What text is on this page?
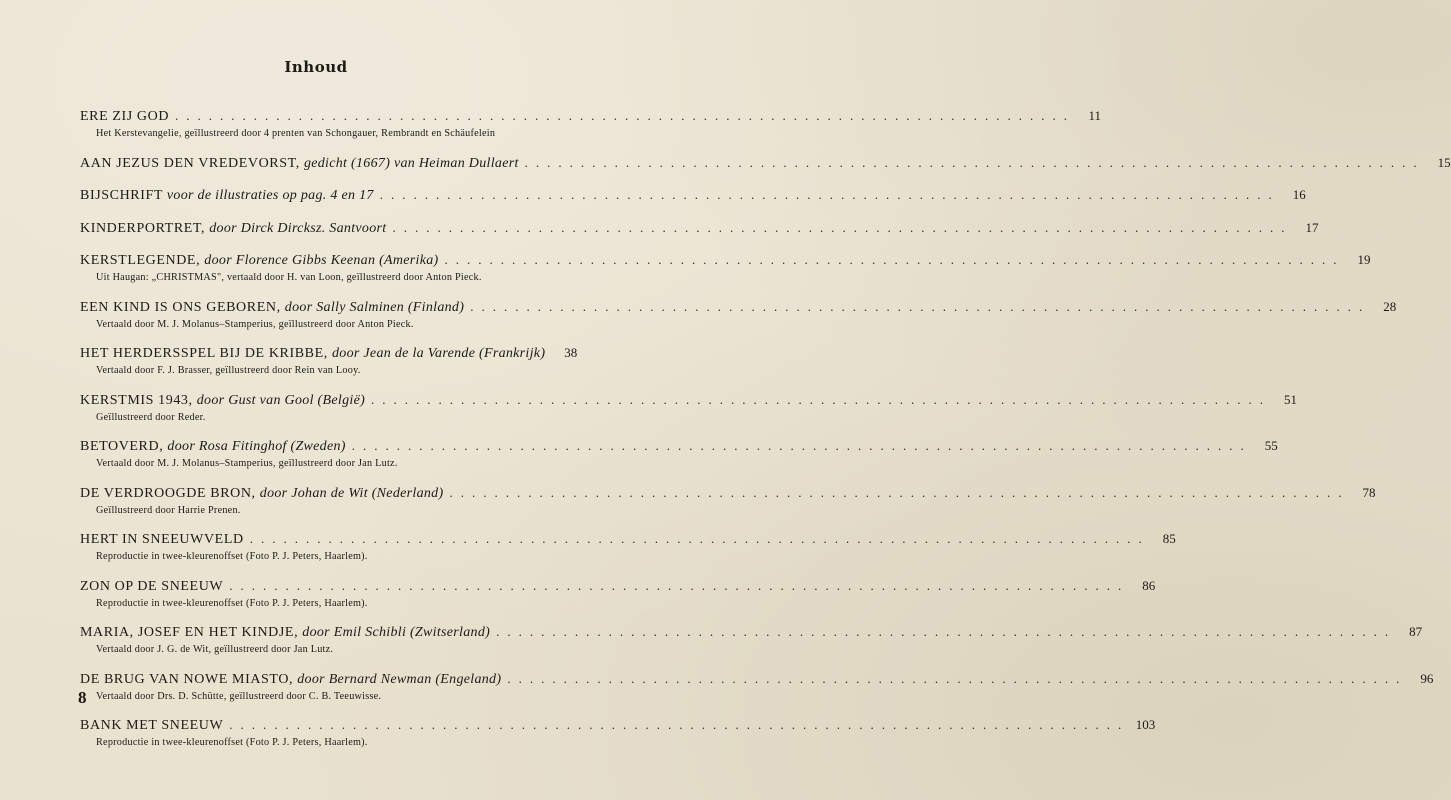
Inhoud
ERE ZIJ GOD ................................................................................	11
Het Kerstevangelie, geïllustreerd door 4 prenten van Schongauer, Rembrandt en Schäufelein
AAN JEZUS DEN VREDEVORST, gedicht (1667) van Heiman Dullaert ................................................................................	15
BIJSCHRIFT voor de illustraties op pag. 4 en 17 ................................................................................	16
KINDERPORTRET, door Dirck Dircksz. Santvoort ................................................................................	17
KERSTLEGENDE, door Florence Gibbs Keenan (Amerika) ................................................................................	19
Uit Haugan: „CHRISTMAS", vertaald door H. van Loon, geïllustreerd door Anton Pieck.
EEN KIND IS ONS GEBOREN, door Sally Salminen (Finland) ................................................................................	28
Vertaald door M. J. Molanus–Stamperius, geïllustreerd door Anton Pieck.
HET HERDERSSPEL BIJ DE KRIBBE, door Jean de la Varende (Frankrijk)	38
Vertaald door F. J. Brasser, geïllustreerd door Rein van Looy.
KERSTMIS 1943, door Gust van Gool (België) ................................................................................	51
Geïllustreerd door Reder.
BETOVERD, door Rosa Fitinghof (Zweden) ................................................................................	55
Vertaald door M. J. Molanus–Stamperius, geïllustreerd door Jan Lutz.
DE VERDROOGDE BRON, door Johan de Wit (Nederland) ................................................................................	78
Geïllustreerd door Harrie Prenen.
HERT IN SNEEUWVELD ................................................................................	85
Reproductie in twee-kleurenoffset (Foto P. J. Peters, Haarlem).
ZON OP DE SNEEUW ................................................................................	86
Reproductie in twee-kleurenoffset (Foto P. J. Peters, Haarlem).
MARIA, JOSEF EN HET KINDJE, door Emil Schibli (Zwitserland) ................................................................................	87
Vertaald door J. G. de Wit, geïllustreerd door Jan Lutz.
DE BRUG VAN NOWE MIASTO, door Bernard Newman (Engeland) ................................................................................	96
Vertaald door Drs. D. Schütte, geïllustreerd door C. B. Teeuwisse.
BANK MET SNEEUW ................................................................................ 103
Reproductie in twee-kleurenoffset (Foto P. J. Peters, Haarlem).
8
